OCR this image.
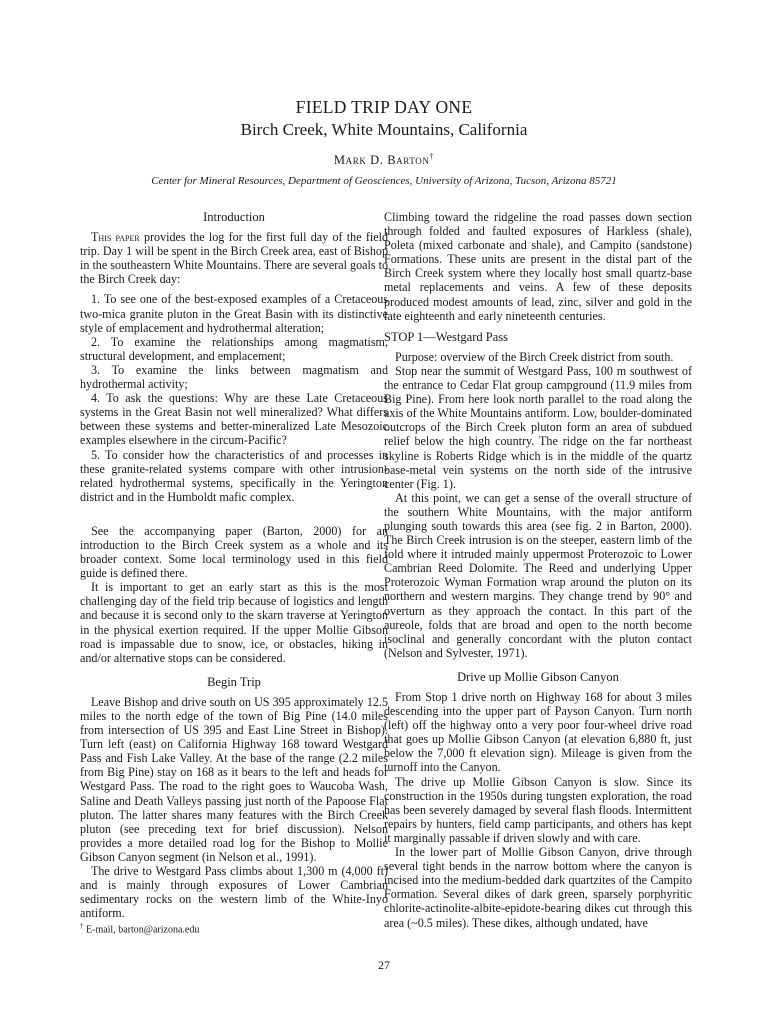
FIELD TRIP DAY ONE
Birch Creek, White Mountains, California
Mark D. Barton†
Center for Mineral Resources, Department of Geosciences, University of Arizona, Tucson, Arizona 85721
Introduction

This paper provides the log for the first full day of the field trip. Day 1 will be spent in the Birch Creek area, east of Bishop in the southeastern White Mountains. There are several goals to the Birch Creek day:

1. To see one of the best-exposed examples of a Cretaceous two-mica granite pluton in the Great Basin with its distinctive style of emplacement and hydrothermal alteration;

2. To examine the relationships among magmatism, structural development, and emplacement;

3. To examine the links between magmatism and hydrothermal activity;

4. To ask the questions: Why are these Late Cretaceous systems in the Great Basin not well mineralized? What differs between these systems and better-mineralized Late Mesozoic examples elsewhere in the circum-Pacific?

5. To consider how the characteristics of and processes in these granite-related systems compare with other intrusion-related hydrothermal systems, specifically in the Yerington district and in the Humboldt mafic complex.

See the accompanying paper (Barton, 2000) for an introduction to the Birch Creek system as a whole and its broader context. Some local terminology used in this field guide is defined there.

It is important to get an early start as this is the most challenging day of the field trip because of logistics and length and because it is second only to the skarn traverse at Yerington in the physical exertion required. If the upper Mollie Gibson road is impassable due to snow, ice, or obstacles, hiking in and/or alternative stops can be considered.

Begin Trip

Leave Bishop and drive south on US 395 approximately 12.5 miles to the north edge of the town of Big Pine (14.0 miles from intersection of US 395 and East Line Street in Bishop). Turn left (east) on California Highway 168 toward Westgard Pass and Fish Lake Valley. At the base of the range (2.2 miles from Big Pine) stay on 168 as it bears to the left and heads for Westgard Pass. The road to the right goes to Waucoba Wash, Saline and Death Valleys passing just north of the Papoose Flat pluton. The latter shares many features with the Birch Creek pluton (see preceding text for brief discussion). Nelson provides a more detailed road log for the Bishop to Mollie Gibson Canyon segment (in Nelson et al., 1991).

The drive to Westgard Pass climbs about 1,300 m (4,000 ft) and is mainly through exposures of Lower Cambrian sedimentary rocks on the western limb of the White-Inyo antiform.

Climbing toward the ridgeline the road passes down section through folded and faulted exposures of Harkless (shale), Poleta (mixed carbonate and shale), and Campito (sandstone) Formations. These units are present in the distal part of the Birch Creek system where they locally host small quartz-base metal replacements and veins. A few of these deposits produced modest amounts of lead, zinc, silver and gold in the late eighteenth and early nineteenth centuries.

STOP 1—Westgard Pass

Purpose: overview of the Birch Creek district from south.

Stop near the summit of Westgard Pass, 100 m southwest of the entrance to Cedar Flat group campground (11.9 miles from Big Pine). From here look north parallel to the road along the axis of the White Mountains antiform. Low, boulder-dominated outcrops of the Birch Creek pluton form an area of subdued relief below the high country. The ridge on the far northeast skyline is Roberts Ridge which is in the middle of the quartz base-metal vein systems on the north side of the intrusive center (Fig. 1).

At this point, we can get a sense of the overall structure of the southern White Mountains, with the major antiform plunging south towards this area (see fig. 2 in Barton, 2000). The Birch Creek intrusion is on the steeper, eastern limb of the fold where it intruded mainly uppermost Proterozoic to Lower Cambrian Reed Dolomite. The Reed and underlying Upper Proterozoic Wyman Formation wrap around the pluton on its northern and western margins. They change trend by 90° and overturn as they approach the contact. In this part of the aureole, folds that are broad and open to the north become isoclinal and generally concordant with the pluton contact (Nelson and Sylvester, 1971).

Drive up Mollie Gibson Canyon

From Stop 1 drive north on Highway 168 for about 3 miles descending into the upper part of Payson Canyon. Turn north (left) off the highway onto a very poor four-wheel drive road that goes up Mollie Gibson Canyon (at elevation 6,880 ft, just below the 7,000 ft elevation sign). Mileage is given from the turnoff into the Canyon.

The drive up Mollie Gibson Canyon is slow. Since its construction in the 1950s during tungsten exploration, the road has been severely damaged by several flash floods. Intermittent repairs by hunters, field camp participants, and others has kept it marginally passable if driven slowly and with care.

In the lower part of Mollie Gibson Canyon, drive through several tight bends in the narrow bottom where the canyon is incised into the medium-bedded dark quartzites of the Campito Formation. Several dikes of dark green, sparsely porphyritic chlorite-actinolite-albite-epidote-bearing dikes cut through this area (~0.5 miles). These dikes, although undated, have

† E-mail, barton@arizona.edu
27
